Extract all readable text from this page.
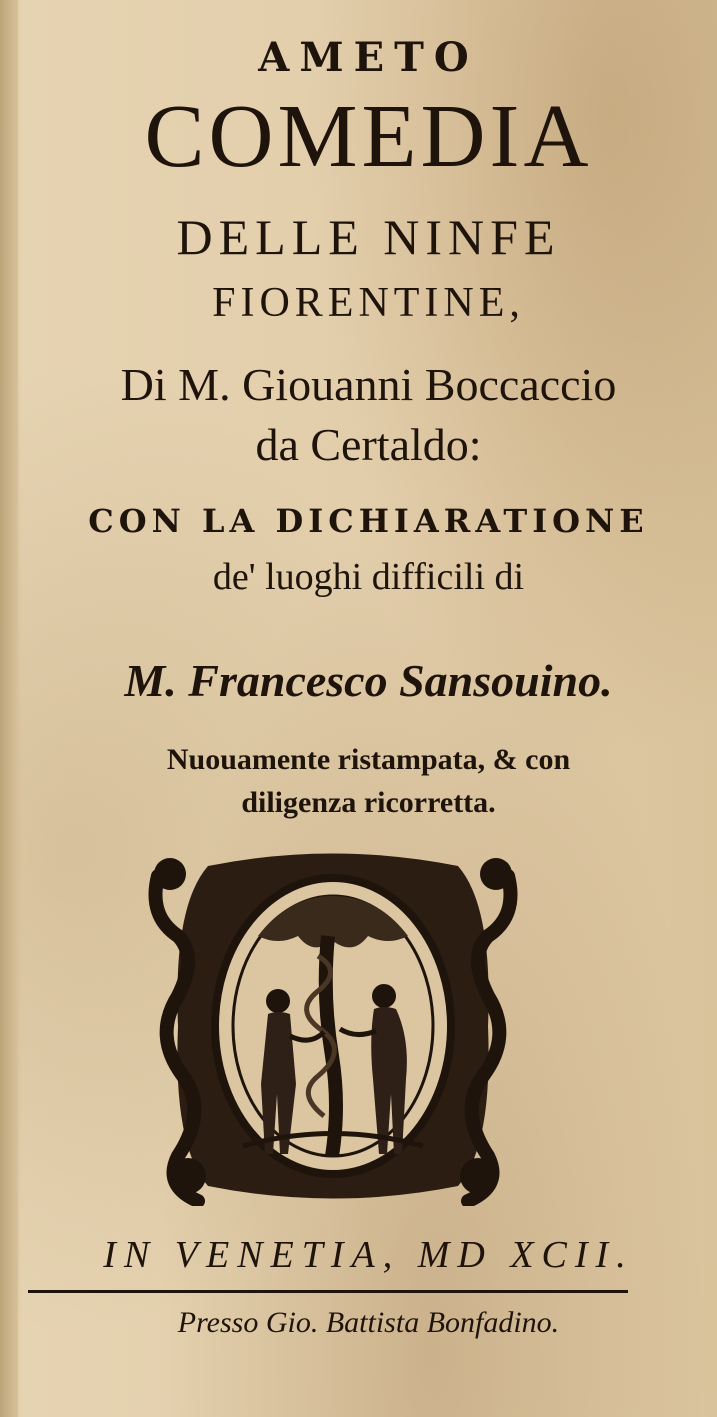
AMETO
COMEDIA
DELLE NINFE
FIORENTINE,
Di M. Giouanni Boccaccio
da Certaldo:
CON LA DICHIARATIONE
de' luoghi difficili di
M. Francesco Sansouino.
Nuouamente ristampata, & con
diligenza ricorretta.
IN VENETIA, MD XCII.
Presso Gio. Battista Bonfadino.
